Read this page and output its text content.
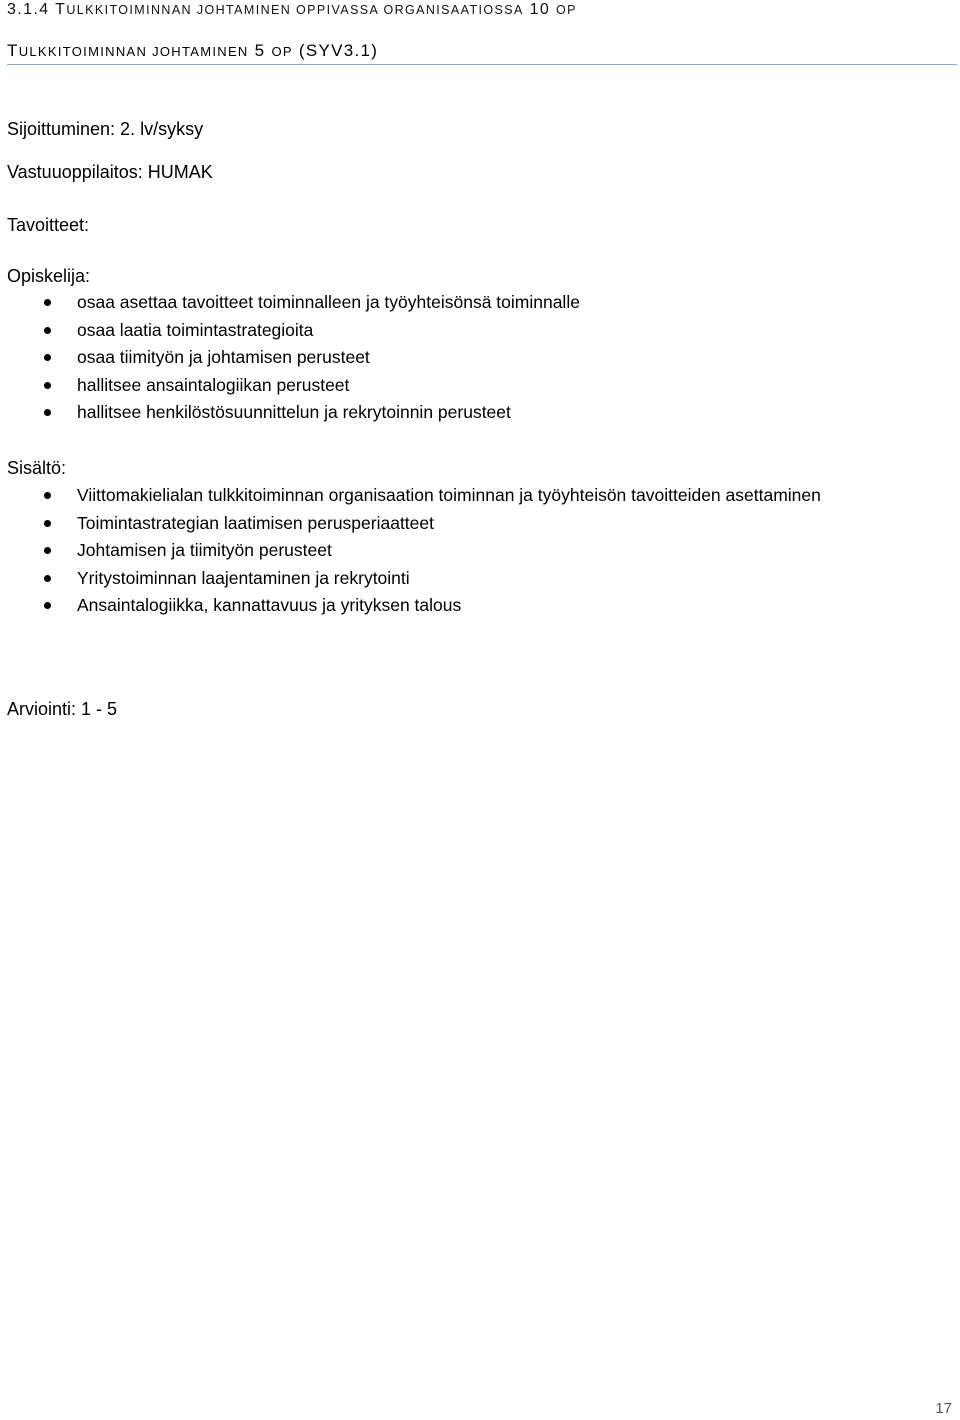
3.1.4 TULKKITOIMINNAN JOHTAMINEN OPPIVASSA ORGANISAATIOSSA 10 OP
TULKKITOIMINNAN JOHTAMINEN 5 OP (SYV3.1)
Sijoittuminen: 2. lv/syksy
Vastuuoppilaitos: HUMAK
Tavoitteet:
Opiskelija:
osaa asettaa tavoitteet toiminnalleen ja työyhteisönsä toiminnalle
osaa laatia toimintastrategioita
osaa tiimityön ja johtamisen perusteet
hallitsee ansaintalogiikan perusteet
hallitsee henkilöstösuunnittelun ja rekrytoinnin perusteet
Sisältö:
Viittomakielialan tulkkitoiminnan organisaation toiminnan ja työyhteisön tavoitteiden asettaminen
Toimintastrategian laatimisen perusperiaatteet
Johtamisen ja tiimityön perusteet
Yritystoiminnan laajentaminen ja rekrytointi
Ansaintalogiikka, kannattavuus ja yrityksen talous
Arviointi: 1 - 5
17
